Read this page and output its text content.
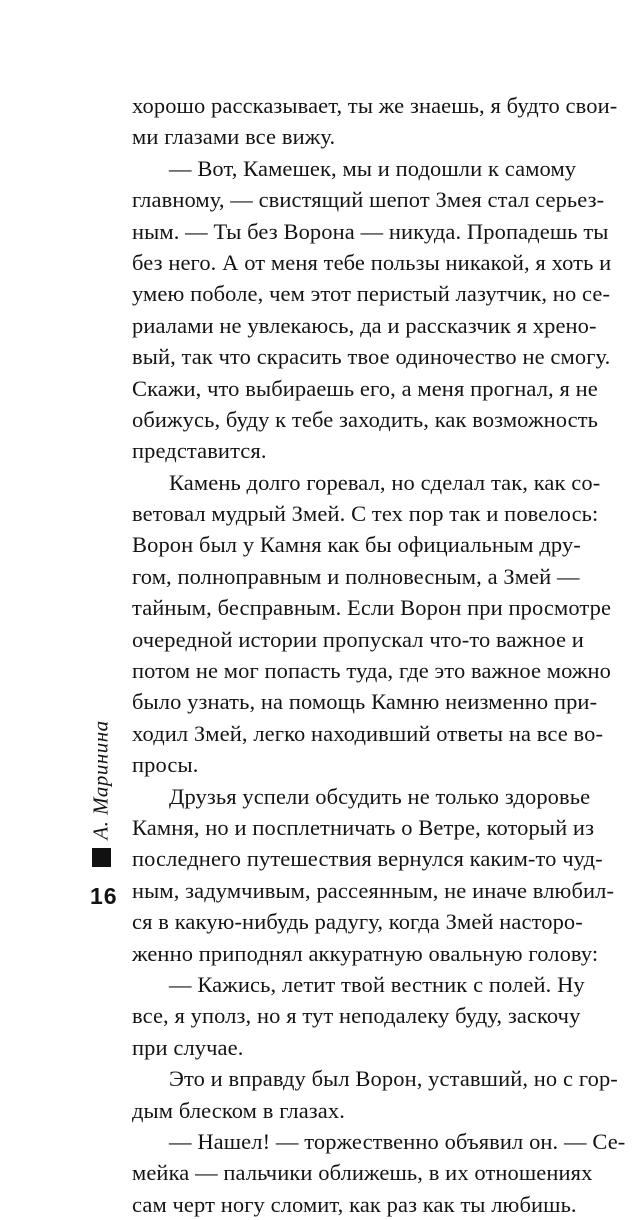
хорошо рассказывает, ты же знаешь, я будто свои-
ми глазами все вижу.
— Вот, Камешек, мы и подошли к самому
главному, — свистящий шепот Змея стал серьез-
ным. — Ты без Ворона — никуда. Пропадешь ты
без него. А от меня тебе пользы никакой, я хоть и
умею поболе, чем этот перистый лазутчик, но се-
риалами не увлекаюсь, да и рассказчик я хрено-
вый, так что скрасить твое одиночество не смогу.
Скажи, что выбираешь его, а меня прогнал, я не
обижусь, буду к тебе заходить, как возможность
представится.
Камень долго горевал, но сделал так, как со-
ветовал мудрый Змей. С тех пор так и повелось:
Ворон был у Камня как бы официальным дру-
гом, полноправным и полновесным, а Змей —
тайным, бесправным. Если Ворон при просмотре
очередной истории пропускал что-то важное и
потом не мог попасть туда, где это важное можно
было узнать, на помощь Камню неизменно при-
ходил Змей, легко находивший ответы на все во-
просы.
Друзья успели обсудить не только здоровье
Камня, но и посплетничать о Ветре, который из
последнего путешествия вернулся каким-то чуд-
ным, задумчивым, рассеянным, не иначе влюбил-
ся в какую-нибудь радугу, когда Змей насторо-
женно приподнял аккуратную овальную голову:
— Кажись, летит твой вестник с полей. Ну
все, я уполз, но я тут неподалеку буду, заскочу
при случае.
Это и вправду был Ворон, уставший, но с гор-
дым блеском в глазах.
— Нашел! — торжественно объявил он. — Се-
мейка — пальчики оближешь, в их отношениях
сам черт ногу сломит, как раз как ты любишь.
А. Маринина
16
